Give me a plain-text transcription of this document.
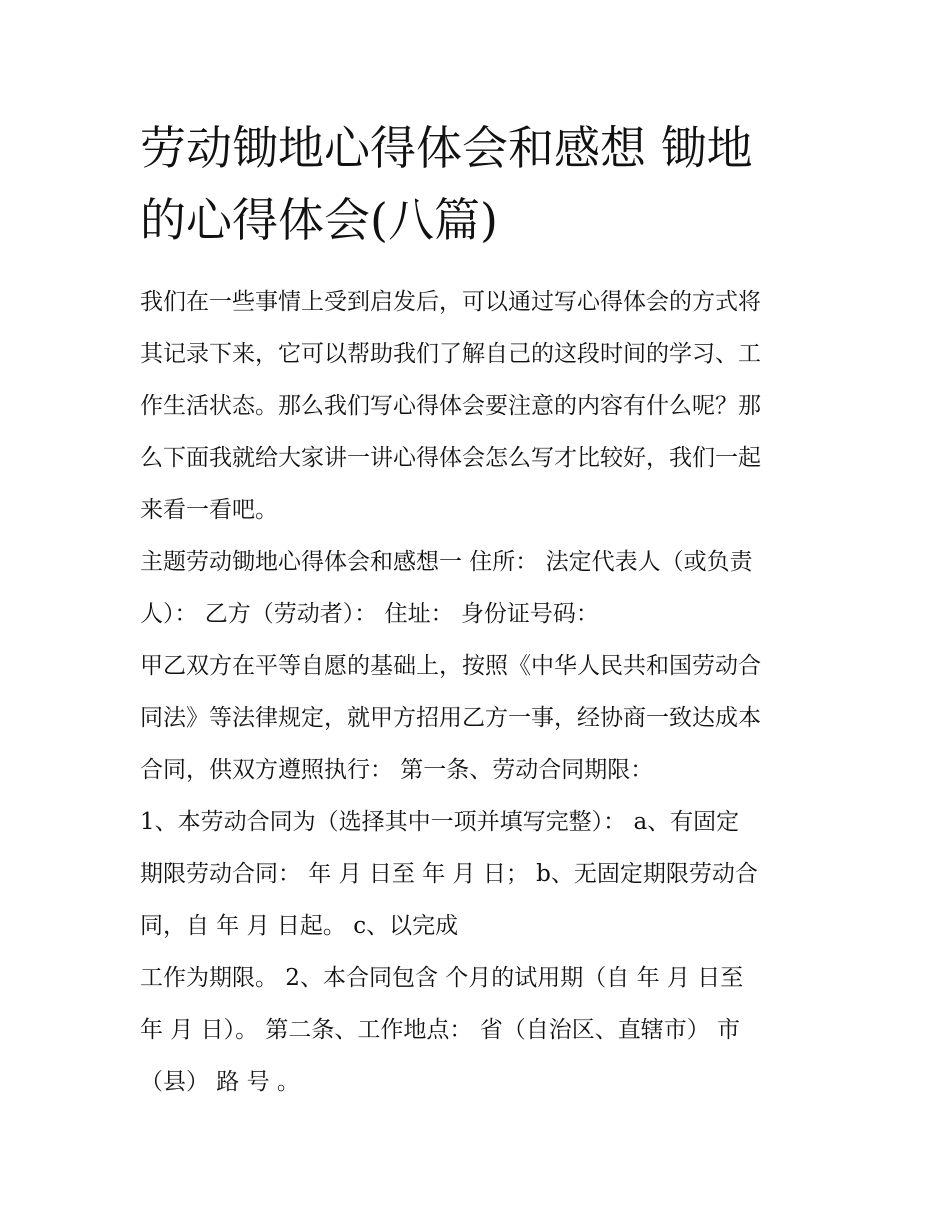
劳动锄地心得体会和感想 锄地
的心得体会(八篇)

我们在一些事情上受到启发后，可以通过写心得体会的方式将
其记录下来，它可以帮助我们了解自己的这段时间的学习、工
作生活状态。那么我们写心得体会要注意的内容有什么呢？那
么下面我就给大家讲一讲心得体会怎么写才比较好，我们一起
来看一看吧。

主题劳动锄地心得体会和感想一 住所： 法定代表人（或负责
人）： 乙方（劳动者）： 住址： 身份证号码：

甲乙双方在平等自愿的基础上，按照《中华人民共和国劳动合
同法》等法律规定，就甲方招用乙方一事，经协商一致达成本
合同，供双方遵照执行： 第一条、劳动合同期限：

1、本劳动合同为（选择其中一项并填写完整）： a、有固定
期限劳动合同： 年 月 日至 年 月 日； b、无固定期限劳动合
同，自 年 月 日起。 c、以完成

工作为期限。 2、本合同包含 个月的试用期（自 年 月 日至
年 月 日）。 第二条、工作地点： 省（自治区、直辖市） 市
（县） 路 号 。
